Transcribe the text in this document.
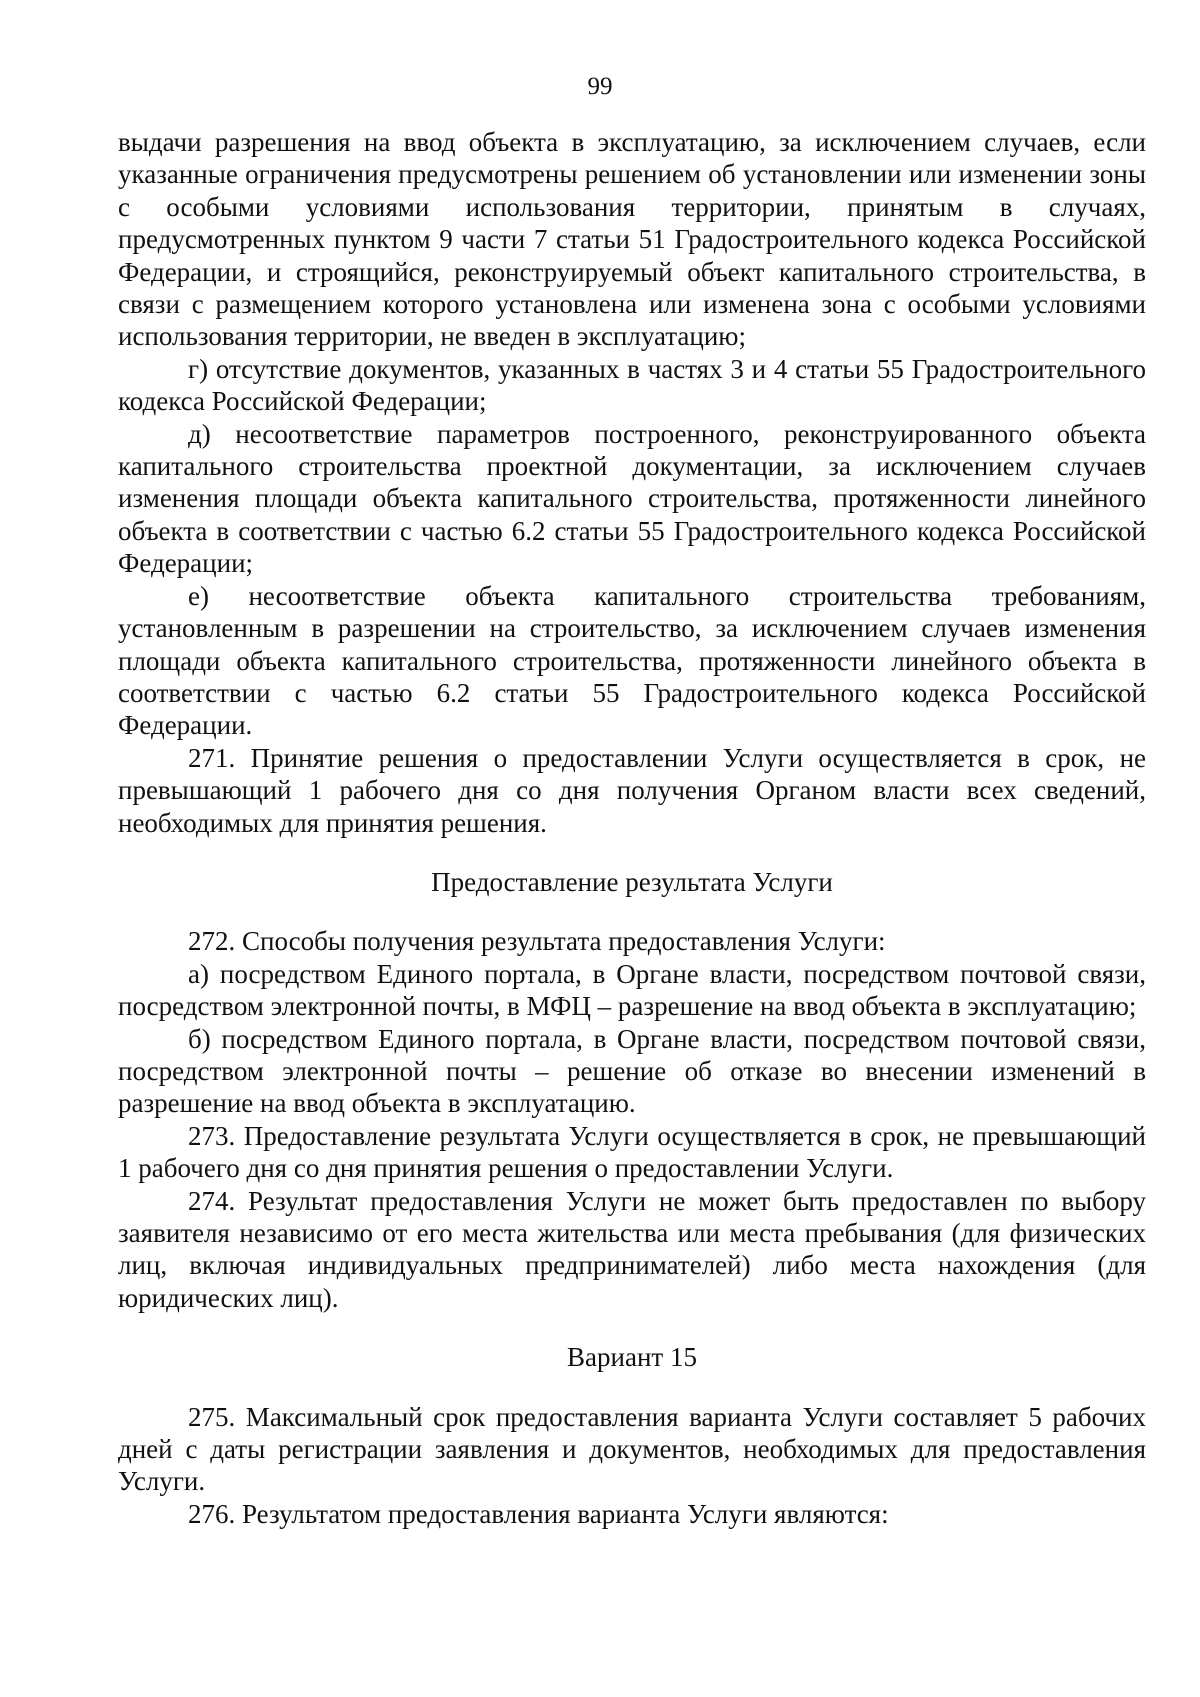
99

выдачи разрешения на ввод объекта в эксплуатацию, за исключением случаев, если указанные ограничения предусмотрены решением об установлении или изменении зоны с особыми условиями использования территории, принятым в случаях, предусмотренных пунктом 9 части 7 статьи 51 Градостроительного кодекса Российской Федерации, и строящийся, реконструируемый объект капитального строительства, в связи с размещением которого установлена или изменена зона с особыми условиями использования территории, не введен в эксплуатацию;

г) отсутствие документов, указанных в частях 3 и 4 статьи 55 Градостроительного кодекса Российской Федерации;

д) несоответствие параметров построенного, реконструированного объекта капитального строительства проектной документации, за исключением случаев изменения площади объекта капитального строительства, протяженности линейного объекта в соответствии с частью 6.2 статьи 55 Градостроительного кодекса Российской Федерации;

е) несоответствие объекта капитального строительства требованиям, установленным в разрешении на строительство, за исключением случаев изменения площади объекта капитального строительства, протяженности линейного объекта в соответствии с частью 6.2 статьи 55 Градостроительного кодекса Российской Федерации.

271. Принятие решения о предоставлении Услуги осуществляется в срок, не превышающий 1 рабочего дня со дня получения Органом власти всех сведений, необходимых для принятия решения.

Предоставление результата Услуги

272. Способы получения результата предоставления Услуги:

а) посредством Единого портала, в Органе власти, посредством почтовой связи, посредством электронной почты, в МФЦ – разрешение на ввод объекта в эксплуатацию;

б) посредством Единого портала, в Органе власти, посредством почтовой связи, посредством электронной почты – решение об отказе во внесении изменений в разрешение на ввод объекта в эксплуатацию.

273. Предоставление результата Услуги осуществляется в срок, не превышающий 1 рабочего дня со дня принятия решения о предоставлении Услуги.

274. Результат предоставления Услуги не может быть предоставлен по выбору заявителя независимо от его места жительства или места пребывания (для физических лиц, включая индивидуальных предпринимателей) либо места нахождения (для юридических лиц).

Вариант 15

275. Максимальный срок предоставления варианта Услуги составляет 5 рабочих дней с даты регистрации заявления и документов, необходимых для предоставления Услуги.

276. Результатом предоставления варианта Услуги являются:
